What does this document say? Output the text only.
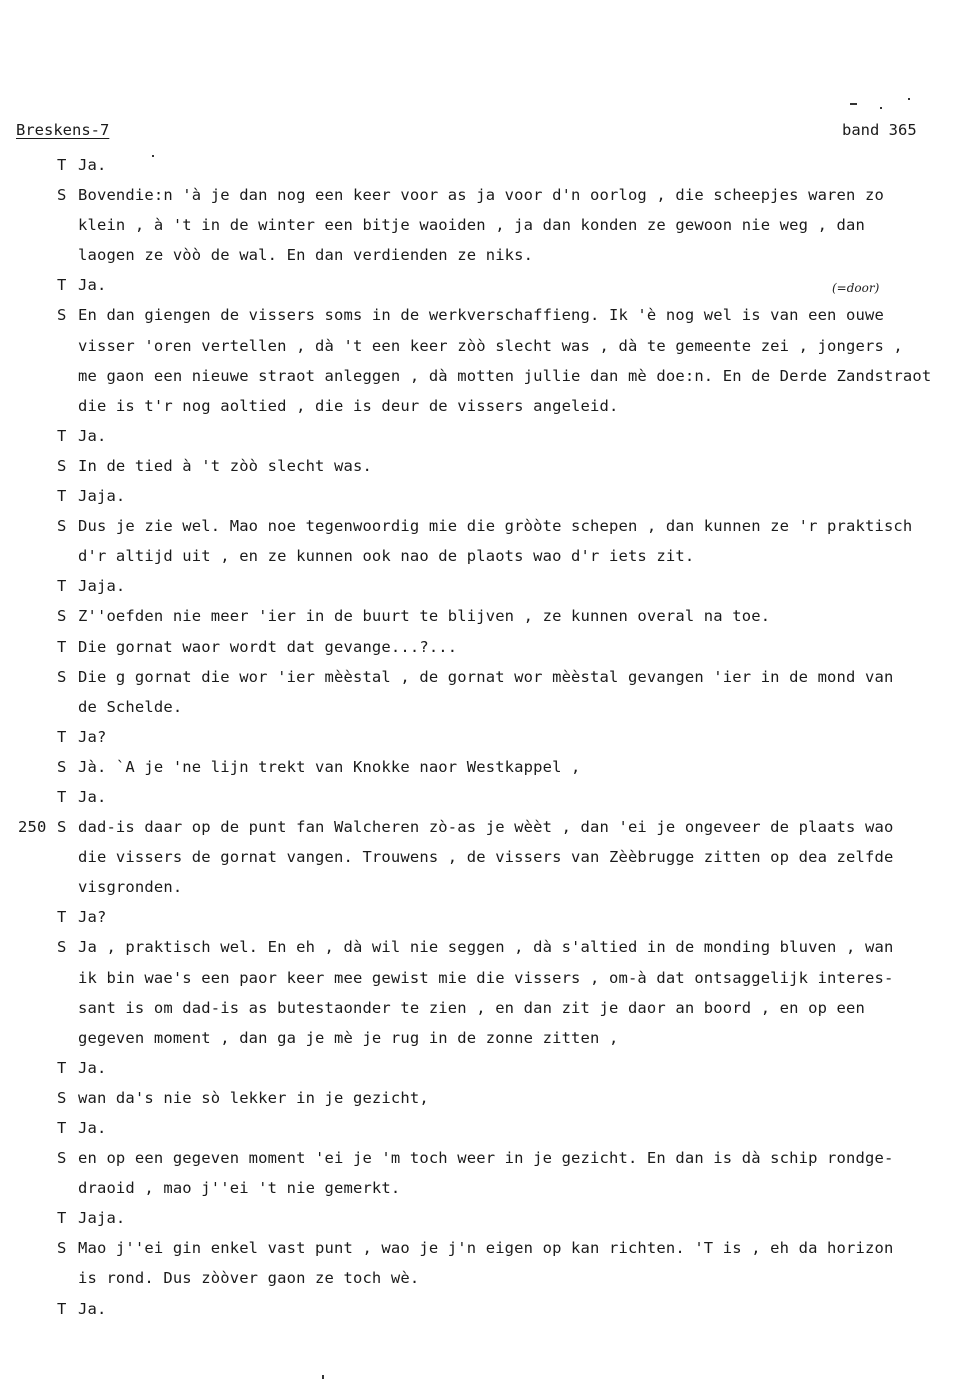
Breskens-7	band 365
(=door)
T Ja.
S Bovendie:n 'à je dan nog een keer voor as ja voor d'n oorlog , die scheepjes waren zo
klein , à 't in de winter een bitje waoiden , ja dan konden ze gewoon nie weg , dan
laogen ze vòò de wal. En dan verdienden ze niks.
T Ja.
S En dan giengen de vissers soms in de werkverschaffieng. Ik 'è nog wel is van een ouwe
visser 'oren vertellen , dà 't een keer zòò slecht was , dà te gemeente zei , jongers ,
me gaon een nieuwe straot anleggen , dà motten jullie dan mè doe:n. En de Derde Zandstraot
die is t'r nog aoltied , die is deur de vissers angeleid.
T Ja.
S In de tied à 't zòò slecht was.
T Jaja.
S Dus je zie wel. Mao noe tegenwoordig mie die gròòte schepen , dan kunnen ze 'r praktisch
d'r altijd uit , en ze kunnen ook nao de plaots wao d'r iets zit.
T Jaja.
S Z''oefden nie meer 'ier in de buurt te blijven , ze kunnen overal na toe.
T Die gornat waor wordt dat gevange...?...
S Die g gornat die wor 'ier mèèstal , de gornat wor mèèstal gevangen 'ier in de mond van
de Schelde.
T Ja?
S Jà. `A je 'ne lijn trekt van Knokke naor Westkappel ,
T Ja.
250 S dad-is daar op de punt fan Walcheren zò-as je wèèt , dan 'ei je ongeveer de plaats wao
die vissers de gornat vangen. Trouwens , de vissers van Zèèbrugge zitten op dea zelfde
visgronden.
T Ja?
S Ja , praktisch wel. En eh , dà wil nie seggen , dà s'altied in de monding bluven , wan
ik bin wae's een paor keer mee gewist mie die vissers , om-à dat ontsaggelijk interes-
sant is om dad-is as butestaonder te zien , en dan zit je daor an boord , en op een
gegeven moment , dan ga je mè je rug in de zonne zitten ,
T Ja.
S wan da's nie sò lekker in je gezicht,
T Ja.
S en op een gegeven moment 'ei je 'm toch weer in je gezicht. En dan is dà schip rondge-
draoid , mao j''ei 't nie gemerkt.
T Jaja.
S Mao j''ei gin enkel vast punt , wao je j'n eigen op kan richten. 'T is , eh da horizon
is rond. Dus zòòver gaon ze toch wè.
T Ja.
